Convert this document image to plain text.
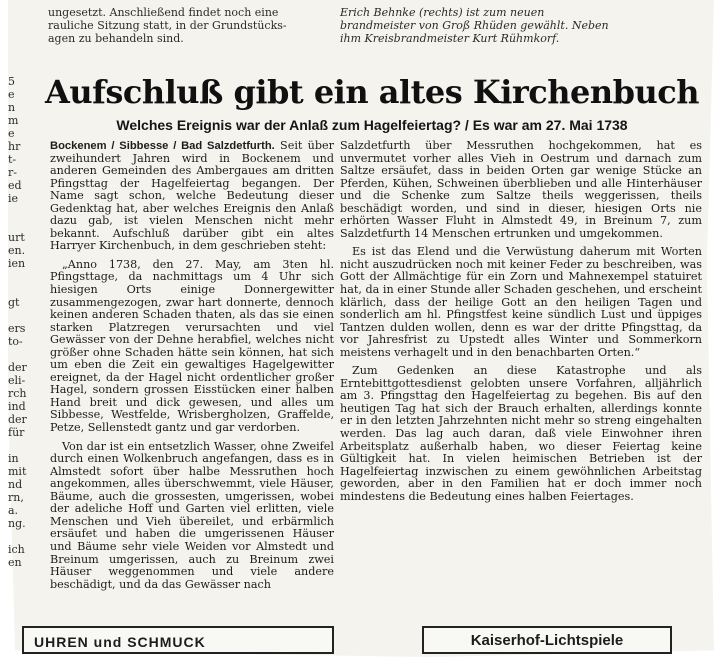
5
e
n
m
e
hr
t-
r-
ed
ie
urt
en.
ien
gt
ers
to-
der
eli-
rch
ind
der
für
in
mit
nd
rn,
a.
ng.
ich
en
ungesetzt. Anschließend findet noch eine
rauliche Sitzung statt, in der Grundstücks-
agen zu behandeln sind.
Erich Behnke (rechts) ist zum neuen
brandmeister von Groß Rhüden gewählt. Neben
ihm Kreisbrandmeister Kurt Rühmkorf.
Aufschluß gibt ein altes Kirchenbuch
Welches Ereignis war der Anlaß zum Hagelfeiertag? / Es war am 27. Mai 1738

Bockenem / Sibbesse / Bad Salzdetfurth. Seit über zweihundert Jahren wird in Bockenem und anderen Gemeinden des Ambergaues am dritten Pfingsttag der Hagelfeiertag begangen. Der Name sagt schon, welche Bedeutung dieser Gedenktag hat, aber welches Ereignis den Anlaß dazu gab, ist vielen Menschen nicht mehr bekannt. Aufschluß darüber gibt ein altes Harryer Kirchenbuch, in dem geschrieben steht:

„Anno 1738, den 27. May, am 3ten hl. Pfingsttage, da nachmittags um 4 Uhr sich hiesigen Orts einige Donnergewitter zusammengezogen, zwar hart donnerte, dennoch keinen anderen Schaden thaten, als das sie einen starken Platzregen verursachten und viel Gewässer von der Dehne herabfiel, welches nicht größer ohne Schaden hätte sein können, hat sich um eben die Zeit ein gewaltiges Hagelgewitter ereignet, da der Hagel nicht ordentlicher großer Hagel, sondern grossen Eisstücken einer halben Hand breit und dick gewesen, und alles um Sibbesse, Westfelde, Wrisbergholzen, Graffelde, Petze, Sellenstedt gantz und gar verdorben.

Von dar ist ein entsetzlich Wasser, ohne Zweifel durch einen Wolkenbruch angefangen, dass es in Almstedt sofort über halbe Messruthen hoch angekommen, alles überschwemmt, viele Häuser, Bäume, auch die grossesten, umgerissen, wobei der adeliche Hoff und Garten viel erlitten, viele Menschen und Vieh übereilet, und erbärmlich ersäufet und haben die umgerissenen Häuser und Bäume sehr viele Weiden vor Almstedt und Breinum umgerissen, auch zu Breinum zwei Häuser weggenommen und viele andere beschädigt, und da das Gewässer nach

Salzdetfurth über Messruthen hochgekommen, hat es unvermutet vorher alles Vieh in Oestrum und darnach zum Saltze ersäufet, dass in beiden Orten gar wenige Stücke an Pferden, Kühen, Schweinen überblieben und alle Hinterhäuser und die Schenke zum Saltze theils weggerissen, theils beschädigt worden, und sind in dieser, hiesigen Orts nie erhörten Wasser Fluht in Almstedt 49, in Breinum 7, zum Salzdetfurth 14 Menschen ertrunken und umgekommen.

Es ist das Elend und die Verwüstung daherum mit Worten nicht auszudrücken noch mit keiner Feder zu beschreiben, was Gott der Allmächtige für ein Zorn und Mahnexempel statuiret hat, da in einer Stunde aller Schaden geschehen, und erscheint klärlich, dass der heilige Gott an den heiligen Tagen und sonderlich am hl. Pfingstfest keine sündlich Lust und üppiges Tantzen dulden wollen, denn es war der dritte Pfingsttag, da vor Jahresfrist zu Upstedt alles Winter und Sommerkorn meistens verhagelt und in den benachbarten Orten.“

Zum Gedenken an diese Katastrophe und als Erntebittgottesdienst gelobten unsere Vorfahren, alljährlich am 3. Pfingsttag den Hagelfeiertag zu begehen. Bis auf den heutigen Tag hat sich der Brauch erhalten, allerdings konnte er in den letzten Jahrzehnten nicht mehr so streng eingehalten werden. Das lag auch daran, daß viele Einwohner ihren Arbeitsplatz außerhalb haben, wo dieser Feiertag keine Gültigkeit hat. In vielen heimischen Betrieben ist der Hagelfeiertag inzwischen zu einem gewöhnlichen Arbeitstag geworden, aber in den Familien hat er doch immer noch mindestens die Bedeutung eines halben Feiertages.

UHREN und SCHMUCK	Kaiserhof-Lichtspiele
